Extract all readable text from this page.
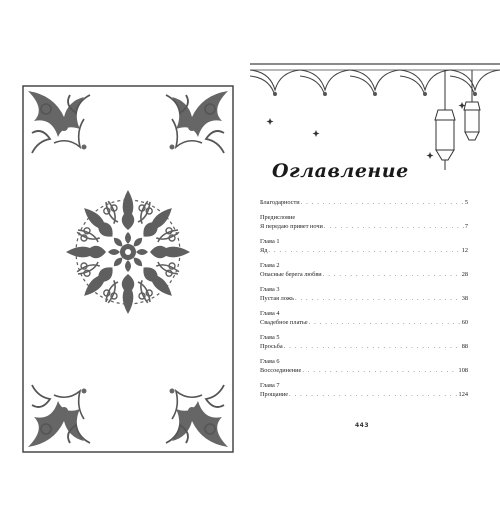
Оглавление
Благодарности . . .	5
Предисловие
Я передаю привет ночи . . .	7
Глава 1
Яд . . .	12
Глава 2
Опасные берега любви . . .	28
Глава 3
Пустая ложь . . .	38
Глава 4
Свадебное платье . . .	60
Глава 5
Просьба . . .	88
Глава 6
Воссоединение . . .	108
Глава 7
Прощание . . .	124
443
